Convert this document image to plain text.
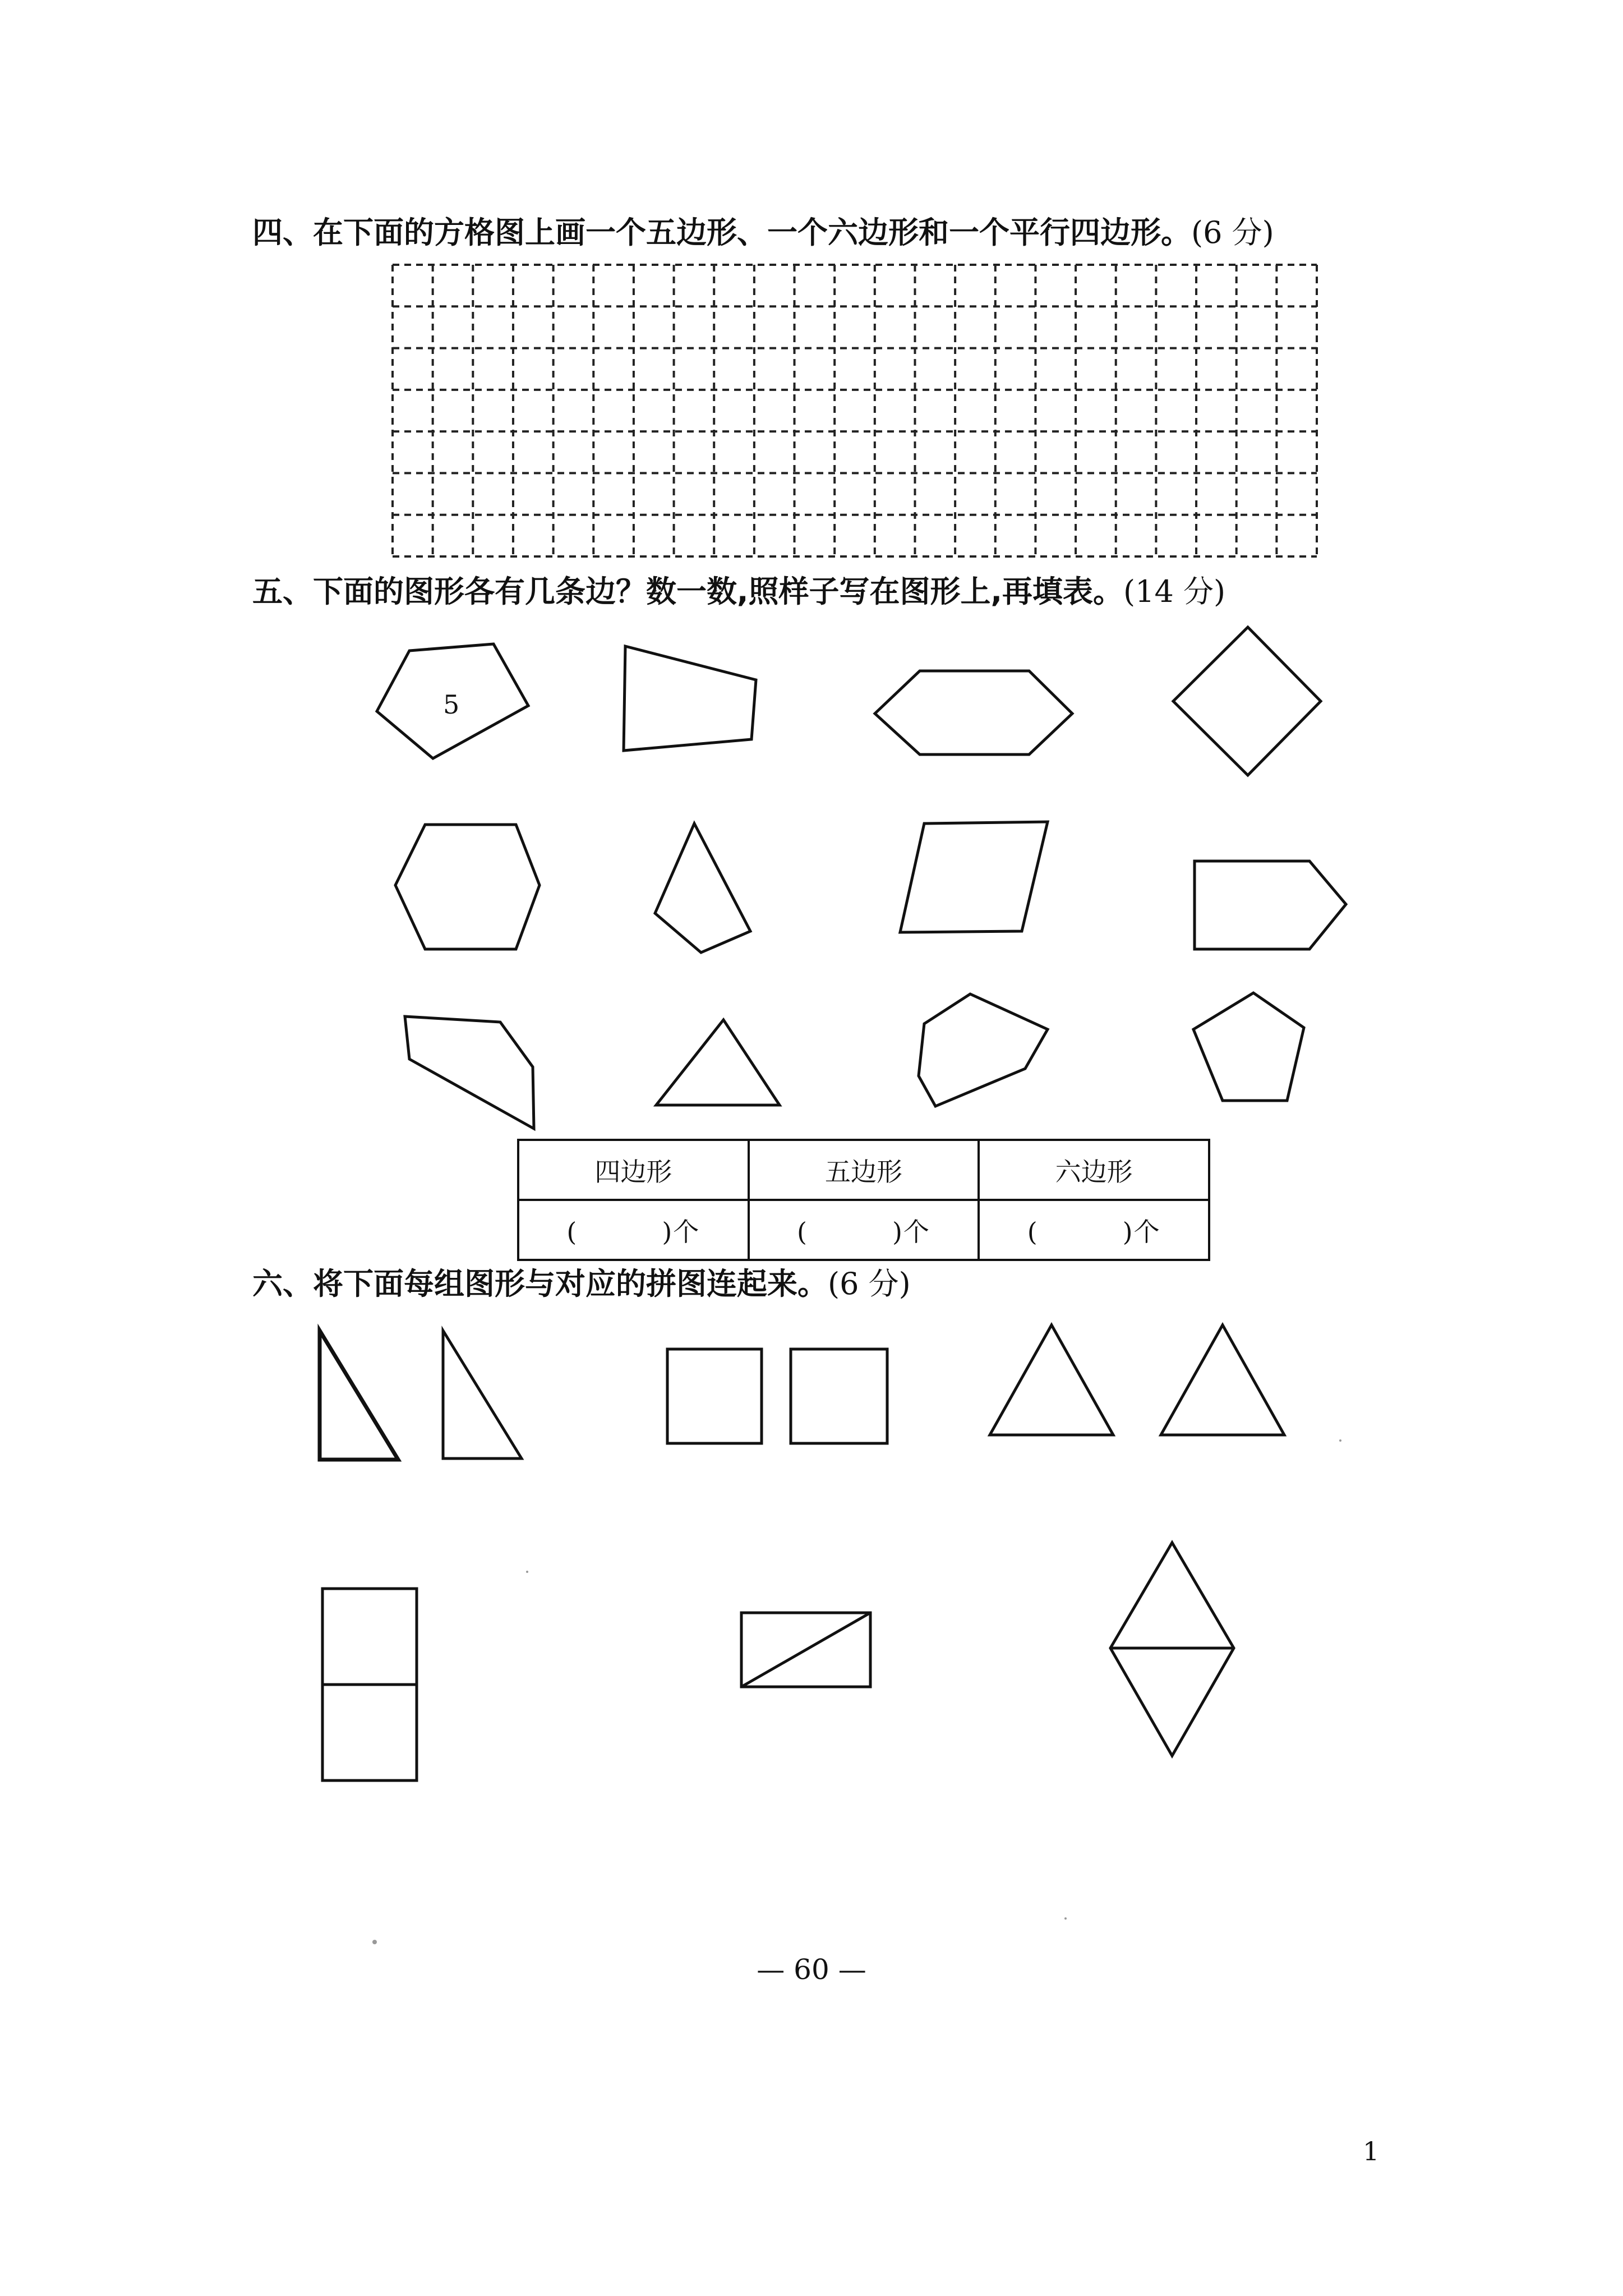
四、在下面的方格图上画一个五边形、一个六边形和一个平行四边形。(6 分)
五、下面的图形各有几条边？数一数,照样子写在图形上,再填表。(14 分)
5
四边形	五边形	六边形
( )个	( )个	( )个
六、将下面每组图形与对应的拼图连起来。(6 分)
— 60 —
1
